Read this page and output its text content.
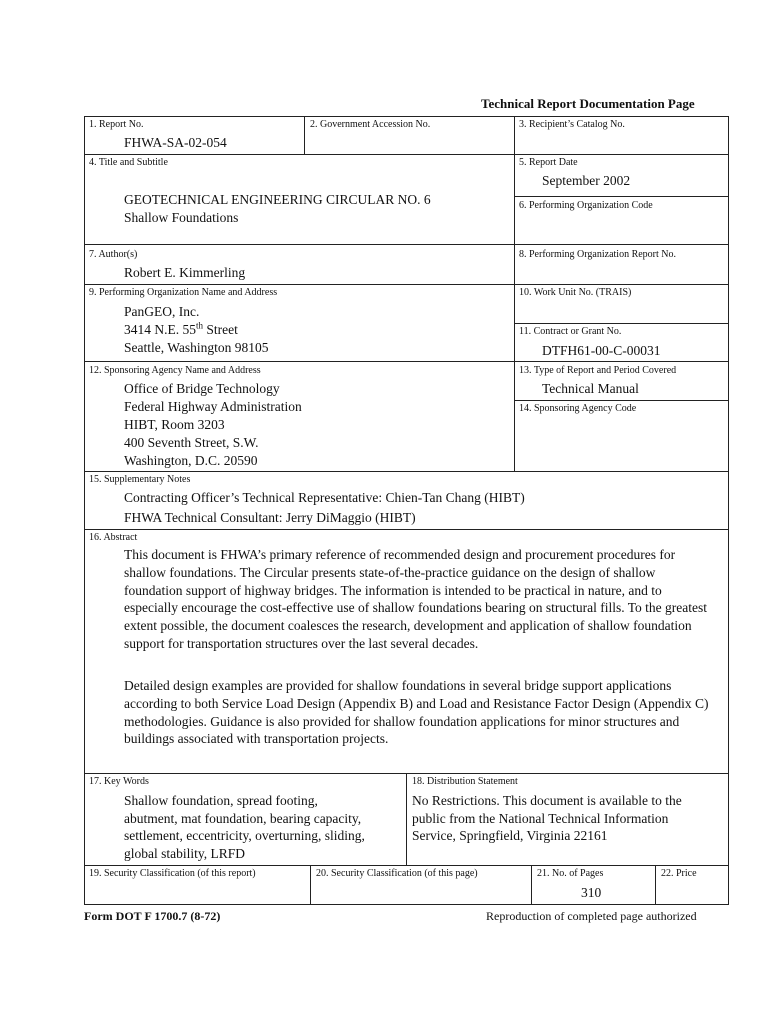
Technical Report Documentation Page
1. Report No.
FHWA-SA-02-054
2. Government Accession No.	3. Recipient’s Catalog No.
4. Title and Subtitle
GEOTECHNICAL ENGINEERING CIRCULAR NO. 6
Shallow Foundations
5. Report Date
September 2002
6. Performing Organization Code
7. Author(s)
Robert E. Kimmerling
8. Performing Organization Report No.
9. Performing Organization Name and Address
PanGEO, Inc.
3414 N.E. 55th Street
Seattle, Washington 98105
10. Work Unit No. (TRAIS)
11. Contract or Grant No.
DTFH61-00-C-00031
12. Sponsoring Agency Name and Address
Office of Bridge Technology
Federal Highway Administration
HIBT, Room 3203
400 Seventh Street, S.W.
Washington, D.C. 20590
13. Type of Report and Period Covered
Technical Manual
14. Sponsoring Agency Code
15. Supplementary Notes
Contracting Officer’s Technical Representative: Chien-Tan Chang (HIBT)
FHWA Technical Consultant: Jerry DiMaggio (HIBT)
16. Abstract
This document is FHWA’s primary reference of recommended design and procurement procedures for shallow foundations. The Circular presents state-of-the-practice guidance on the design of shallow foundation support of highway bridges. The information is intended to be practical in nature, and to especially encourage the cost-effective use of shallow foundations bearing on structural fills. To the greatest extent possible, the document coalesces the research, development and application of shallow foundation support for transportation structures over the last several decades.
Detailed design examples are provided for shallow foundations in several bridge support applications according to both Service Load Design (Appendix B) and Load and Resistance Factor Design (Appendix C) methodologies. Guidance is also provided for shallow foundation applications for minor structures and buildings associated with transportation projects.
17. Key Words
Shallow foundation, spread footing,
abutment, mat foundation, bearing capacity,
settlement, eccentricity, overturning, sliding,
global stability, LRFD
18. Distribution Statement
No Restrictions. This document is available to the
public from the National Technical Information
Service, Springfield, Virginia 22161
19. Security Classification (of this report)	20. Security Classification (of this page)	21. No. of Pages
310
22. Price
Form DOT F 1700.7 (8-72)	Reproduction of completed page authorized
